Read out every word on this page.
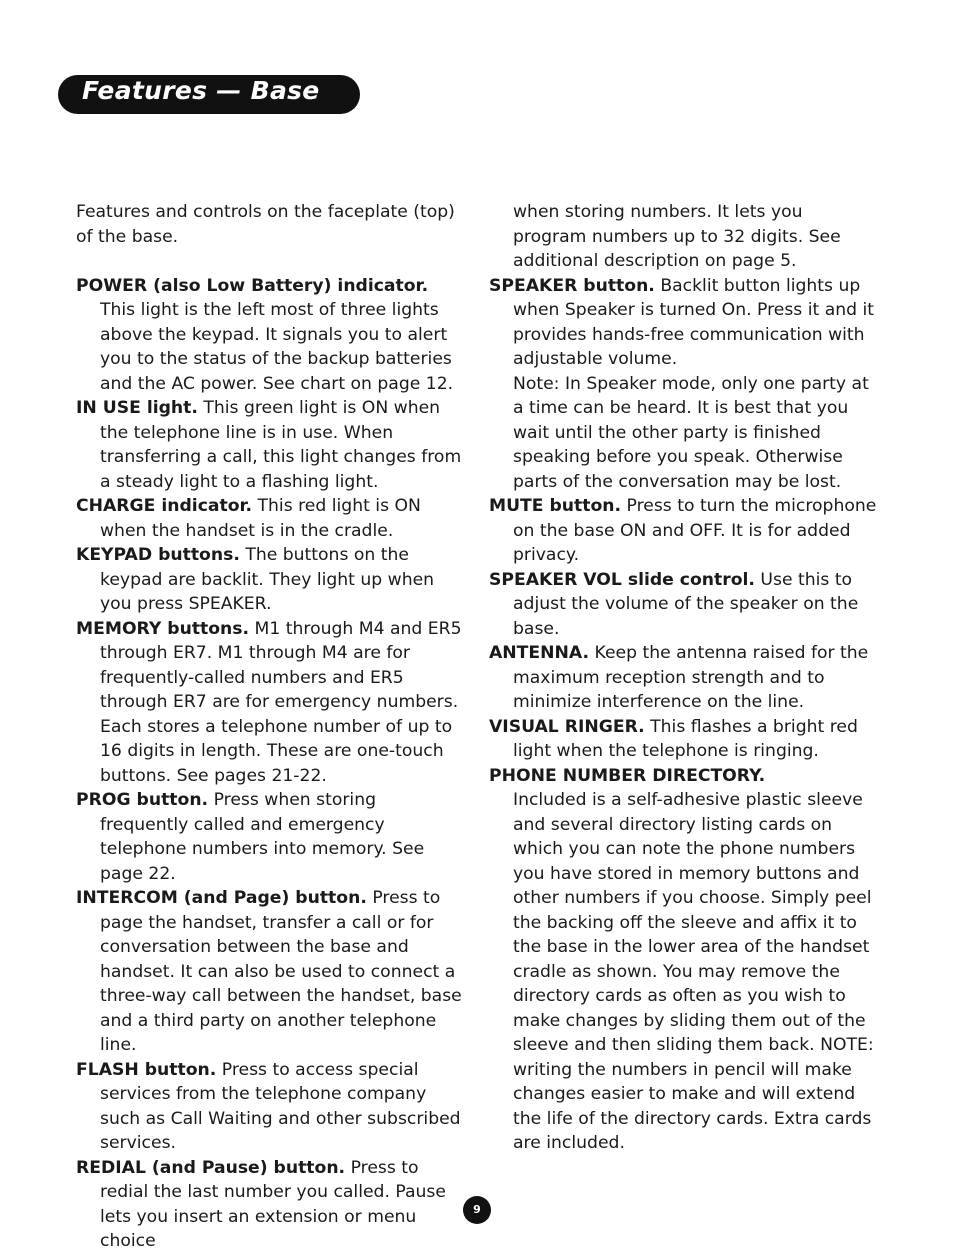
Features — Base

Features and controls on the faceplate (top) of the base.

POWER (also Low Battery) indicator.
This light is the left most of three lights above the keypad. It signals you to alert you to the status of the backup batteries and the AC power. See chart on page 12.

IN USE light. This green light is ON when the telephone line is in use. When transferring a call, this light changes from a steady light to a flashing light.

CHARGE indicator. This red light is ON when the handset is in the cradle.

KEYPAD buttons. The buttons on the keypad are backlit. They light up when you press SPEAKER.

MEMORY buttons. M1 through M4 and ER5 through ER7. M1 through M4 are for frequently-called numbers and ER5 through ER7 are for emergency numbers. Each stores a telephone number of up to 16 digits in length. These are one-touch buttons. See pages 21-22.

PROG button. Press when storing frequently called and emergency telephone numbers into memory. See page 22.

INTERCOM (and Page) button. Press to page the handset, transfer a call or for conversation between the base and handset. It can also be used to connect a three-way call between the handset, base and a third party on another telephone line.

FLASH button. Press to access special services from the telephone company such as Call Waiting and other subscribed services.

REDIAL (and Pause) button. Press to redial the last number you called. Pause lets you insert an extension or menu choice

when storing numbers. It lets you program numbers up to 32 digits. See additional description on page 5.

SPEAKER button. Backlit button lights up when Speaker is turned On. Press it and it provides hands-free communication with adjustable volume.
Note: In Speaker mode, only one party at a time can be heard. It is best that you wait until the other party is finished speaking before you speak. Otherwise parts of the conversation may be lost.

MUTE button. Press to turn the microphone on the base ON and OFF. It is for added privacy.

SPEAKER VOL slide control. Use this to adjust the volume of the speaker on the base.

ANTENNA. Keep the antenna raised for the maximum reception strength and to minimize interference on the line.

VISUAL RINGER. This flashes a bright red light when the telephone is ringing.

PHONE NUMBER DIRECTORY.
Included is a self-adhesive plastic sleeve and several directory listing cards on which you can note the phone numbers you have stored in memory buttons and other numbers if you choose. Simply peel the backing off the sleeve and affix it to the base in the lower area of the handset cradle as shown. You may remove the directory cards as often as you wish to make changes by sliding them out of the sleeve and then sliding them back. NOTE: writing the numbers in pencil will make changes easier to make and will extend the life of the directory cards. Extra cards are included.

9
